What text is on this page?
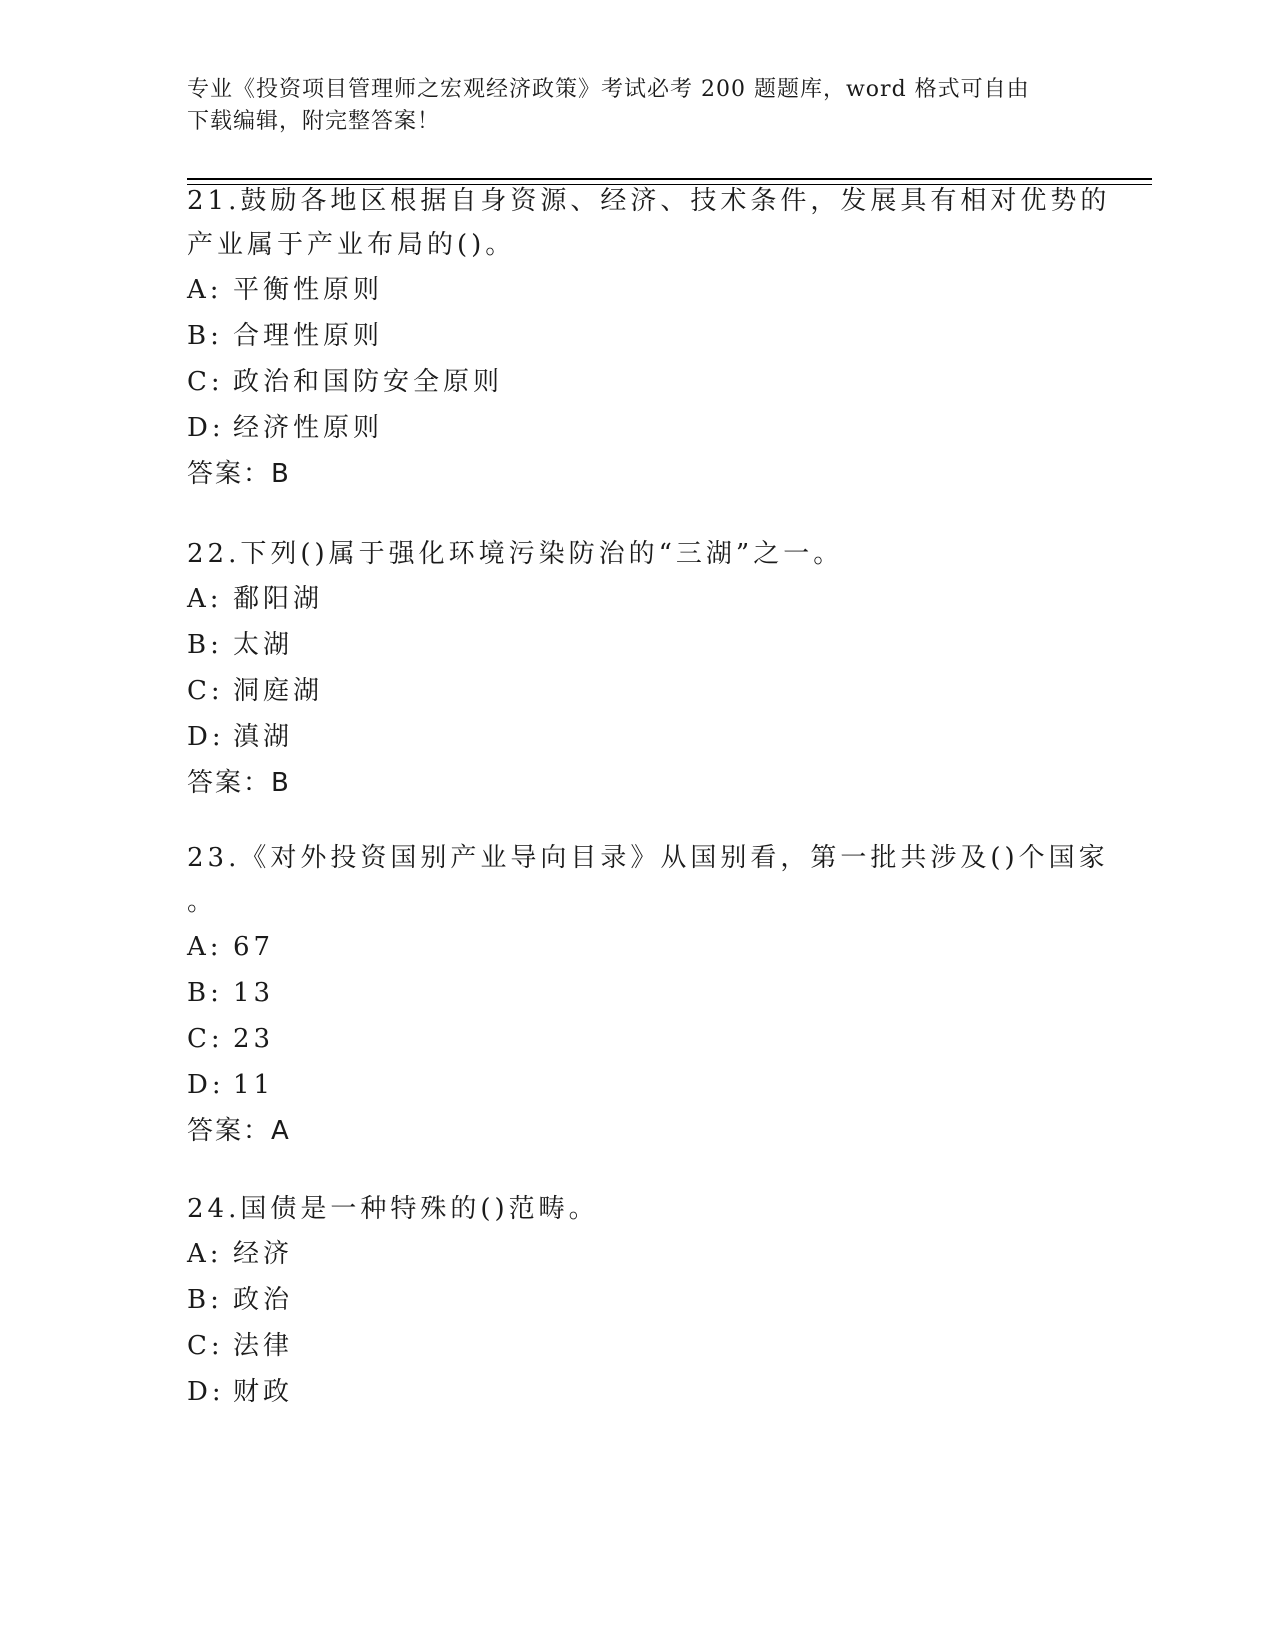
专业《投资项目管理师之宏观经济政策》考试必考 200 题题库，word 格式可自由
下载编辑，附完整答案！
21.鼓励各地区根据自身资源、经济、技术条件，发展具有相对优势的
产业属于产业布局的()。
A: 平衡性原则
B: 合理性原则
C: 政治和国防安全原则
D: 经济性原则
答案：B
22.下列()属于强化环境污染防治的“三湖”之一。
A: 鄱阳湖
B: 太湖
C: 洞庭湖
D: 滇湖
答案：B
23.《对外投资国别产业导向目录》从国别看，第一批共涉及()个国家
。
A: 67
B: 13
C: 23
D: 11
答案：A
24.国债是一种特殊的()范畴。
A: 经济
B: 政治
C: 法律
D: 财政
